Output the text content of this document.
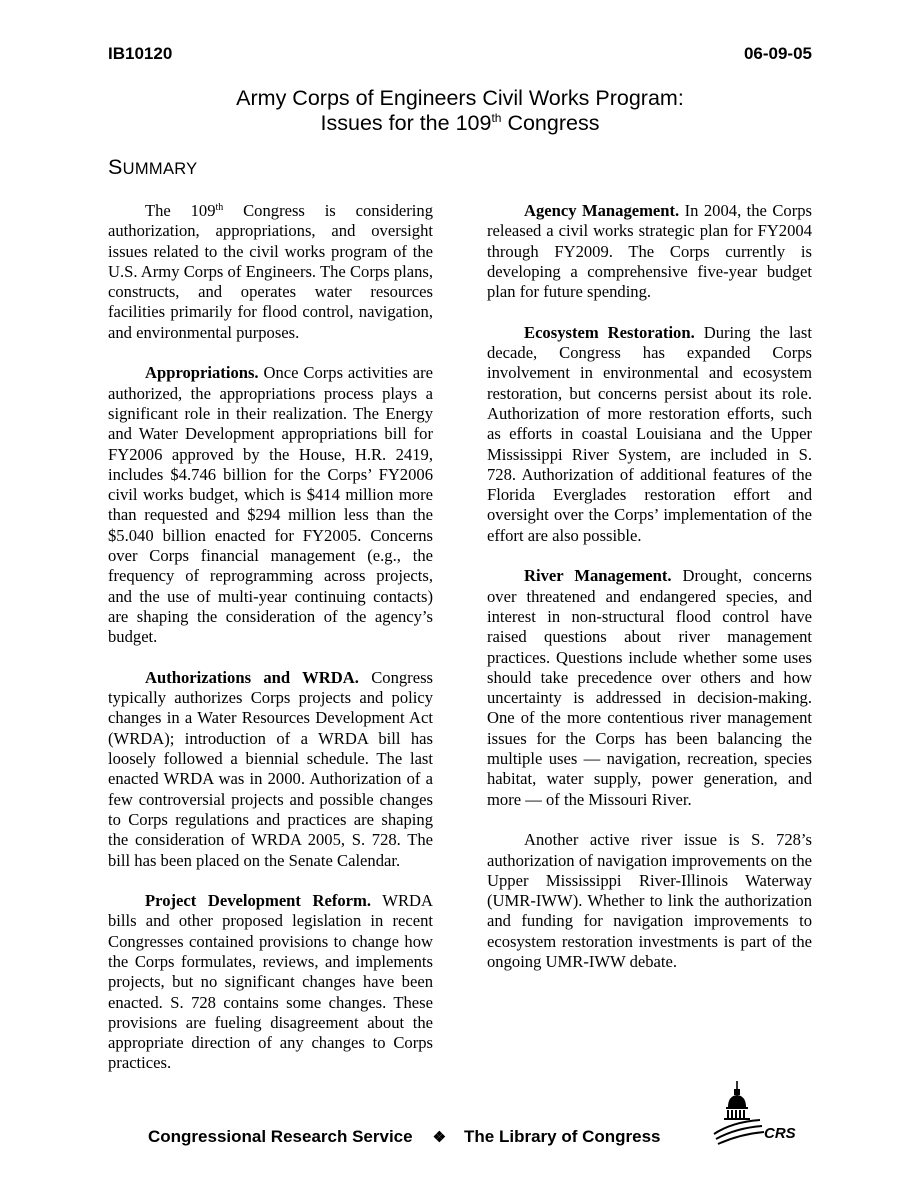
IB10120	06-09-05
Army Corps of Engineers Civil Works Program:
Issues for the 109th Congress
SUMMARY

The 109th Congress is considering authorization, appropriations, and oversight issues related to the civil works program of the U.S. Army Corps of Engineers. The Corps plans, constructs, and operates water resources facilities primarily for flood control, navigation, and environmental purposes.

Appropriations. Once Corps activities are authorized, the appropriations process plays a significant role in their realization. The Energy and Water Development appropriations bill for FY2006 approved by the House, H.R. 2419, includes $4.746 billion for the Corps’ FY2006 civil works budget, which is $414 million more than requested and $294 million less than the $5.040 billion enacted for FY2005. Concerns over Corps financial management (e.g., the frequency of reprogramming across projects, and the use of multi-year continuing contacts) are shaping the consideration of the agency’s budget.

Authorizations and WRDA. Congress typically authorizes Corps projects and policy changes in a Water Resources Development Act (WRDA); introduction of a WRDA bill has loosely followed a biennial schedule. The last enacted WRDA was in 2000. Authorization of a few controversial projects and possible changes to Corps regulations and practices are shaping the consideration of WRDA 2005, S. 728. The bill has been placed on the Senate Calendar.

Project Development Reform. WRDA bills and other proposed legislation in recent Congresses contained provisions to change how the Corps formulates, reviews, and implements projects, but no significant changes have been enacted. S. 728 contains some changes. These provisions are fueling disagreement about the appropriate direction of any changes to Corps practices.

Agency Management. In 2004, the Corps released a civil works strategic plan for FY2004 through FY2009. The Corps currently is developing a comprehensive five-year budget plan for future spending.

Ecosystem Restoration. During the last decade, Congress has expanded Corps involvement in environmental and ecosystem restoration, but concerns persist about its role. Authorization of more restoration efforts, such as efforts in coastal Louisiana and the Upper Mississippi River System, are included in S. 728. Authorization of additional features of the Florida Everglades restoration effort and oversight over the Corps’ implementation of the effort are also possible.

River Management. Drought, concerns over threatened and endangered species, and interest in non-structural flood control have raised questions about river management practices. Questions include whether some uses should take precedence over others and how uncertainty is addressed in decision-making. One of the more contentious river management issues for the Corps has been balancing the multiple uses — navigation, recreation, species habitat, water supply, power generation, and more — of the Missouri River.

Another active river issue is S. 728’s authorization of navigation improvements on the Upper Mississippi River-Illinois Waterway (UMR-IWW). Whether to link the authorization and funding for navigation improvements to ecosystem restoration investments is part of the ongoing UMR-IWW debate.

Congressional Research Service ❖ The Library of Congress	CRS
